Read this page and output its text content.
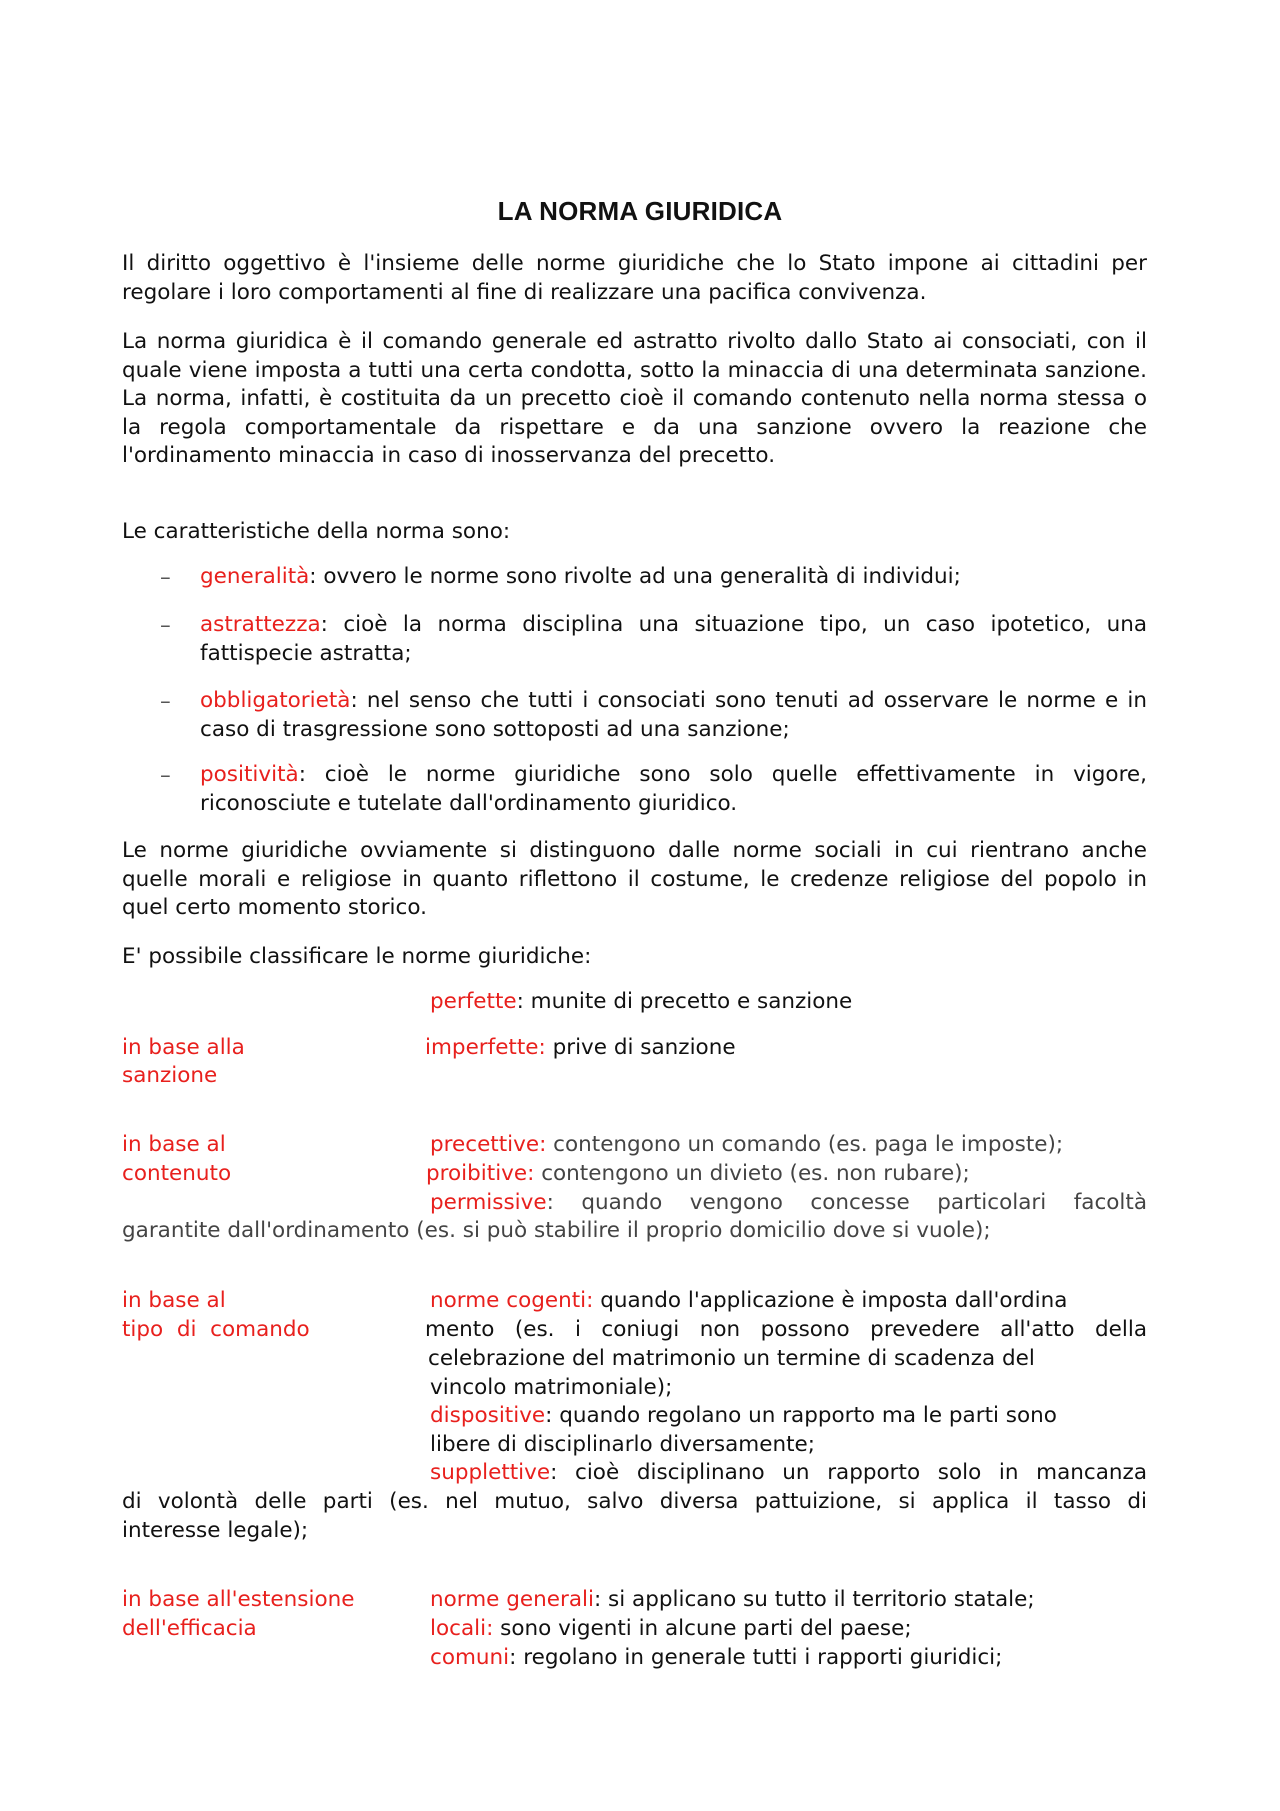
LA NORMA GIURIDICA
Il diritto oggettivo è l'insieme delle norme giuridiche che lo Stato impone ai cittadini per regolare i loro comportamenti al fine di realizzare una pacifica convivenza.
La norma giuridica è il comando generale ed astratto rivolto dallo Stato ai consociati, con il quale viene imposta a tutti una certa condotta, sotto la minaccia di una determinata sanzione. La norma, infatti, è costituita da un precetto cioè il comando contenuto nella norma stessa o la regola comportamentale da rispettare e da una sanzione ovvero la reazione che l'ordinamento minaccia in caso di inosservanza del precetto.
Le caratteristiche della norma sono:
– generalità: ovvero le norme sono rivolte ad una generalità di individui;
– astrattezza: cioè la norma disciplina una situazione tipo, un caso ipotetico, una fattispecie astratta;
– obbligatorietà: nel senso che tutti i consociati sono tenuti ad osservare le norme e in caso di trasgressione sono sottoposti ad una sanzione;
– positività: cioè le norme giuridiche sono solo quelle effettivamente in vigore, riconosciute e tutelate dall'ordinamento giuridico.
Le norme giuridiche ovviamente si distinguono dalle norme sociali in cui rientrano anche quelle morali e religiose in quanto riflettono il costume, le credenze religiose del popolo in quel certo momento storico.
E' possibile classificare le norme giuridiche:
perfette: munite di precetto e sanzione
in base alla
sanzione
imperfette: prive di sanzione
in base al
contenuto
precettive: contengono un comando (es. paga le imposte);
proibitive: contengono un divieto (es. non rubare);
permissive: quando vengono concesse particolari facoltà
garantite dall'ordinamento (es. si può stabilire il proprio domicilio dove si vuole);
in base al
tipo  di  comando
norme cogenti: quando l'applicazione è imposta dall'ordina
mento (es. i coniugi non possono prevedere all'atto della
celebrazione del matrimonio un termine di scadenza del
vincolo matrimoniale);
dispositive: quando regolano un rapporto ma le parti sono
libere di disciplinarlo diversamente;
supplettive: cioè disciplinano un rapporto solo in mancanza
di volontà delle parti (es. nel mutuo, salvo diversa pattuizione, si applica il tasso di
interesse legale);
in base all'estensione
dell'efficacia
norme generali: si applicano su tutto il territorio statale;
locali: sono vigenti in alcune parti del paese;
comuni: regolano in generale tutti i rapporti giuridici;
